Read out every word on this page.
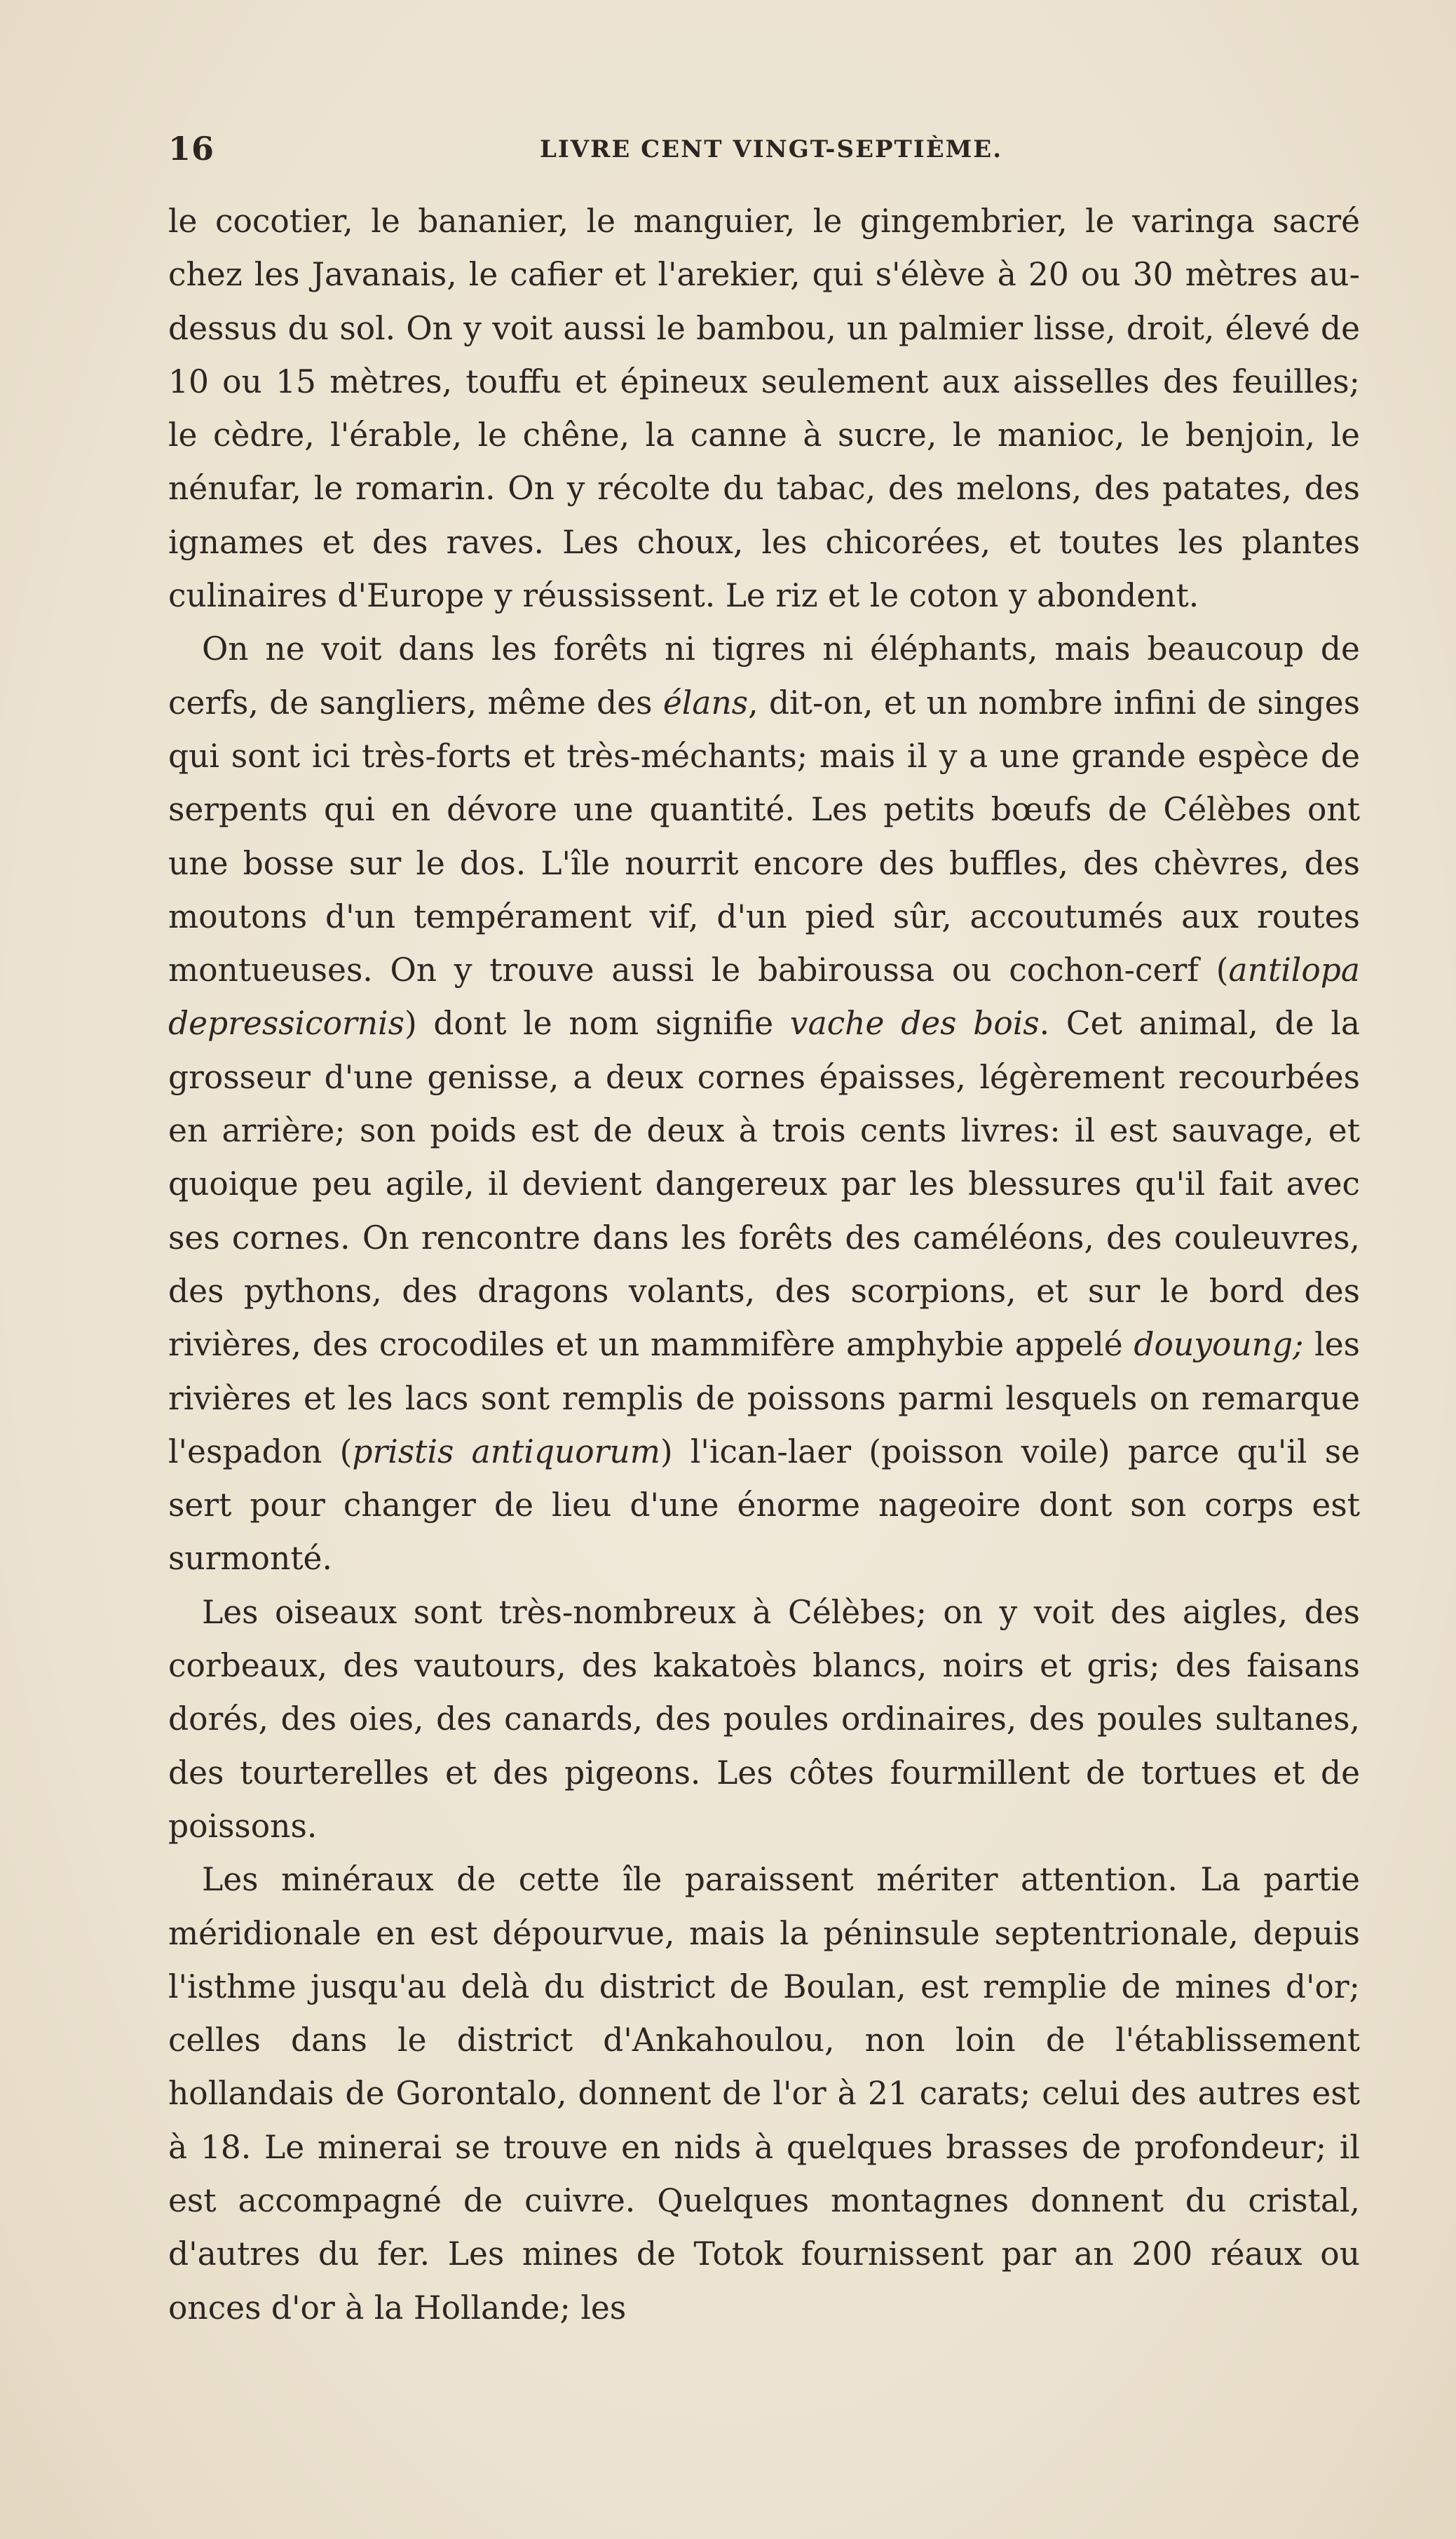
16	LIVRE CENT VINGT-SEPTIÈME.

le cocotier, le bananier, le manguier, le gingembrier, le varinga sacré chez les Javanais, le cafier et l'arekier, qui s'élève à 20 ou 30 mètres au-dessus du sol. On y voit aussi le bambou, un palmier lisse, droit, élevé de 10 ou 15 mètres, touffu et épineux seulement aux aisselles des feuilles; le cèdre, l'érable, le chêne, la canne à sucre, le manioc, le benjoin, le nénufar, le romarin. On y récolte du tabac, des melons, des patates, des ignames et des raves. Les choux, les chicorées, et toutes les plantes culinaires d'Europe y réussissent. Le riz et le coton y abondent.

On ne voit dans les forêts ni tigres ni éléphants, mais beaucoup de cerfs, de sangliers, même des élans, dit-on, et un nombre infini de singes qui sont ici très-forts et très-méchants; mais il y a une grande espèce de serpents qui en dévore une quantité. Les petits bœufs de Célèbes ont une bosse sur le dos. L'île nourrit encore des buffles, des chèvres, des moutons d'un tempérament vif, d'un pied sûr, accoutumés aux routes montueuses. On y trouve aussi le babiroussa ou cochon-cerf (antilopa depressicornis) dont le nom signifie vache des bois. Cet animal, de la grosseur d'une genisse, a deux cornes épaisses, légèrement recourbées en arrière; son poids est de deux à trois cents livres: il est sauvage, et quoique peu agile, il devient dangereux par les blessures qu'il fait avec ses cornes. On rencontre dans les forêts des caméléons, des couleuvres, des pythons, des dragons volants, des scorpions, et sur le bord des rivières, des crocodiles et un mammifère amphybie appelé douyoung; les rivières et les lacs sont remplis de poissons parmi lesquels on remarque l'espadon (pristis antiquorum) l'ican-laer (poisson voile) parce qu'il se sert pour changer de lieu d'une énorme nageoire dont son corps est surmonté.

Les oiseaux sont très-nombreux à Célèbes; on y voit des aigles, des corbeaux, des vautours, des kakatoès blancs, noirs et gris; des faisans dorés, des oies, des canards, des poules ordinaires, des poules sultanes, des tourterelles et des pigeons. Les côtes fourmillent de tortues et de poissons.

Les minéraux de cette île paraissent mériter attention. La partie méridionale en est dépourvue, mais la péninsule septentrionale, depuis l'isthme jusqu'au delà du district de Boulan, est remplie de mines d'or; celles dans le district d'Ankahoulou, non loin de l'établissement hollandais de Gorontalo, donnent de l'or à 21 carats; celui des autres est à 18. Le minerai se trouve en nids à quelques brasses de profondeur; il est accompagné de cuivre. Quelques montagnes donnent du cristal, d'autres du fer. Les mines de Totok fournissent par an 200 réaux ou onces d'or à la Hollande; les
